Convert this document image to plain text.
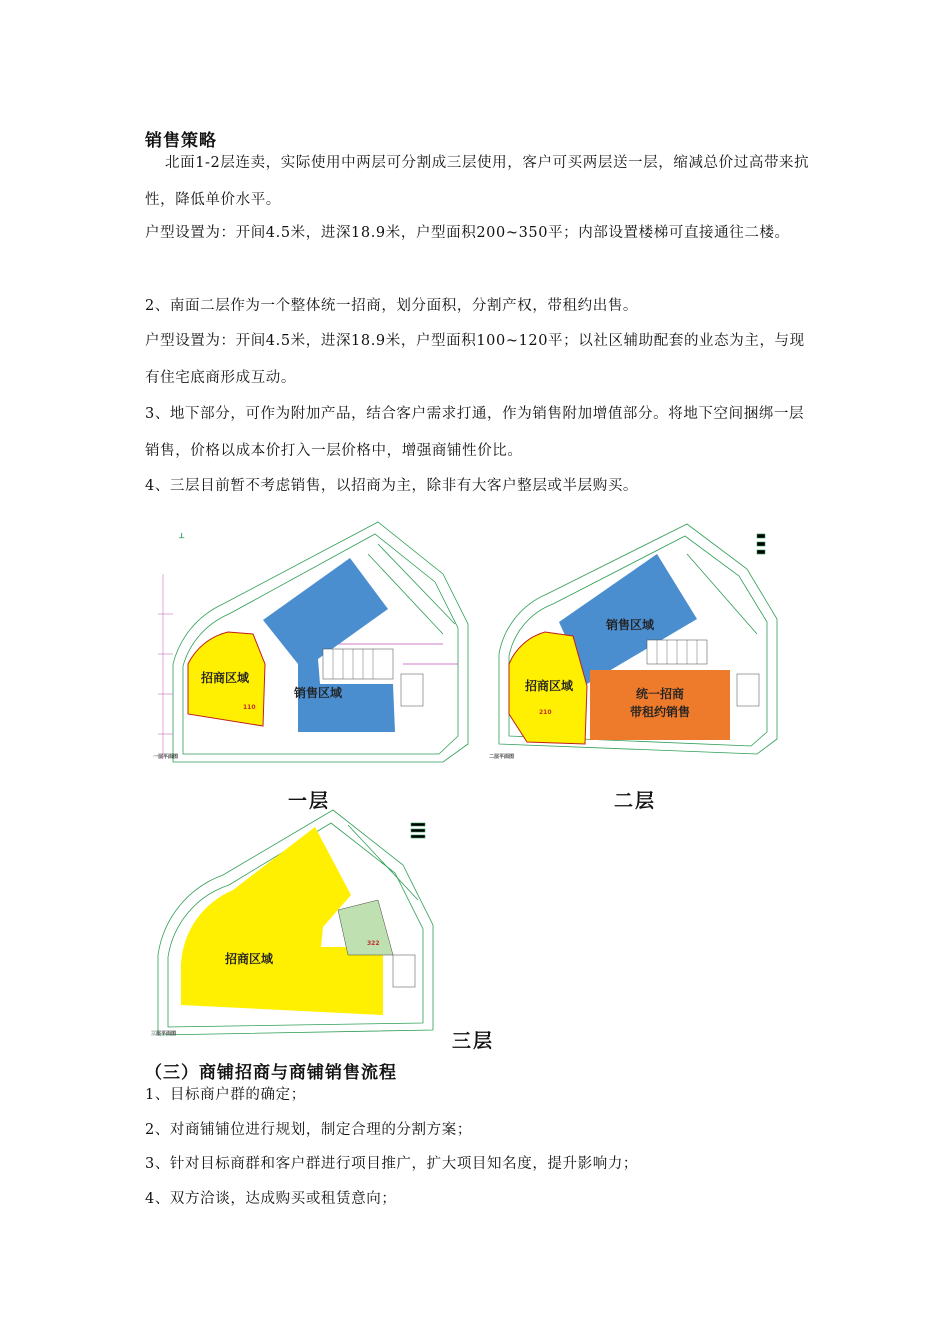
销售策略
北面1-2层连卖，实际使用中两层可分割成三层使用，客户可买两层送一层，缩减总价过高带来抗性，降低单价水平。
户型设置为：开间4.5米，进深18.9米，户型面积200~350平；内部设置楼梯可直接通往二楼。
2、南面二层作为一个整体统一招商，划分面积，分割产权，带租约出售。
户型设置为：开间4.5米，进深18.9米，户型面积100~120平；以社区辅助配套的业态为主，与现有住宅底商形成互动。
3、地下部分，可作为附加产品，结合客户需求打通，作为销售附加增值部分。将地下空间捆绑一层销售，价格以成本价打入一层价格中，增强商铺性价比。
4、三层目前暂不考虑销售，以招商为主，除非有大客户整层或半层购买。
⟂
招商区域
销售区域
110
一层平面图
销售区域
招商区域
统一招商
带租约销售
210
二层平面图
招商区域
322
三层平面图
一层	二层
三层
（三）商铺招商与商铺销售流程
1、目标商户群的确定；
2、对商铺铺位进行规划，制定合理的分割方案；
3、针对目标商群和客户群进行项目推广，扩大项目知名度，提升影响力；
4、双方洽谈，达成购买或租赁意向；
